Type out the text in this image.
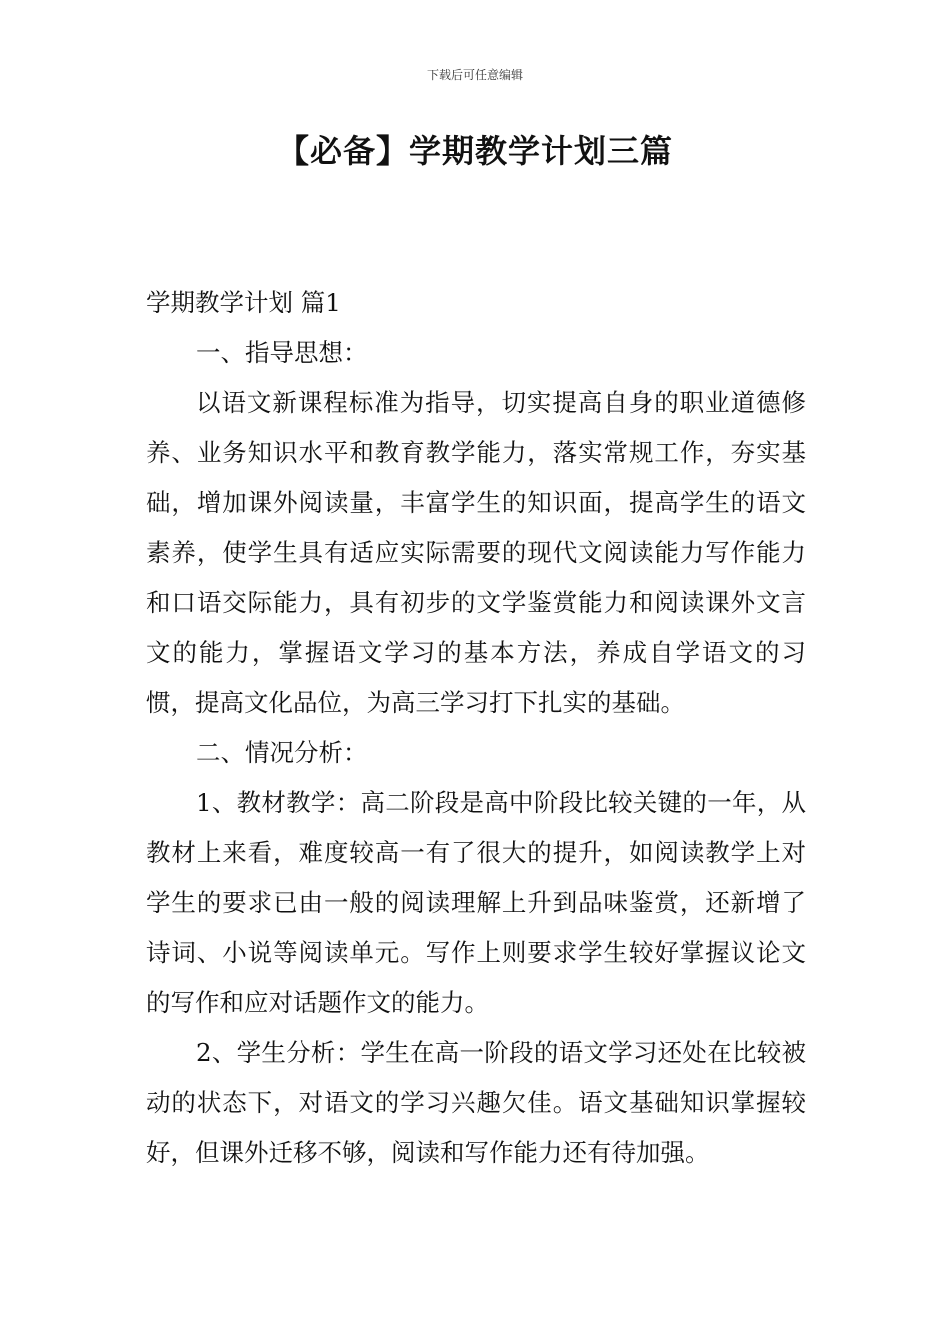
下载后可任意编辑
【必备】学期教学计划三篇

学期教学计划 篇1

一、指导思想：

以语文新课程标准为指导，切实提高自身的职业道德修养、业务知识水平和教育教学能力，落实常规工作，夯实基础，增加课外阅读量，丰富学生的知识面，提高学生的语文素养，使学生具有适应实际需要的现代文阅读能力写作能力和口语交际能力，具有初步的文学鉴赏能力和阅读课外文言文的能力，掌握语文学习的基本方法，养成自学语文的习惯，提高文化品位，为高三学习打下扎实的基础。

二、情况分析：

1、教材教学：高二阶段是高中阶段比较关键的一年，从教材上来看，难度较高一有了很大的提升，如阅读教学上对学生的要求已由一般的阅读理解上升到品味鉴赏，还新增了诗词、小说等阅读单元。写作上则要求学生较好掌握议论文的写作和应对话题作文的能力。

2、学生分析：学生在高一阶段的语文学习还处在比较被动的状态下，对语文的学习兴趣欠佳。语文基础知识掌握较好，但课外迁移不够，阅读和写作能力还有待加强。
